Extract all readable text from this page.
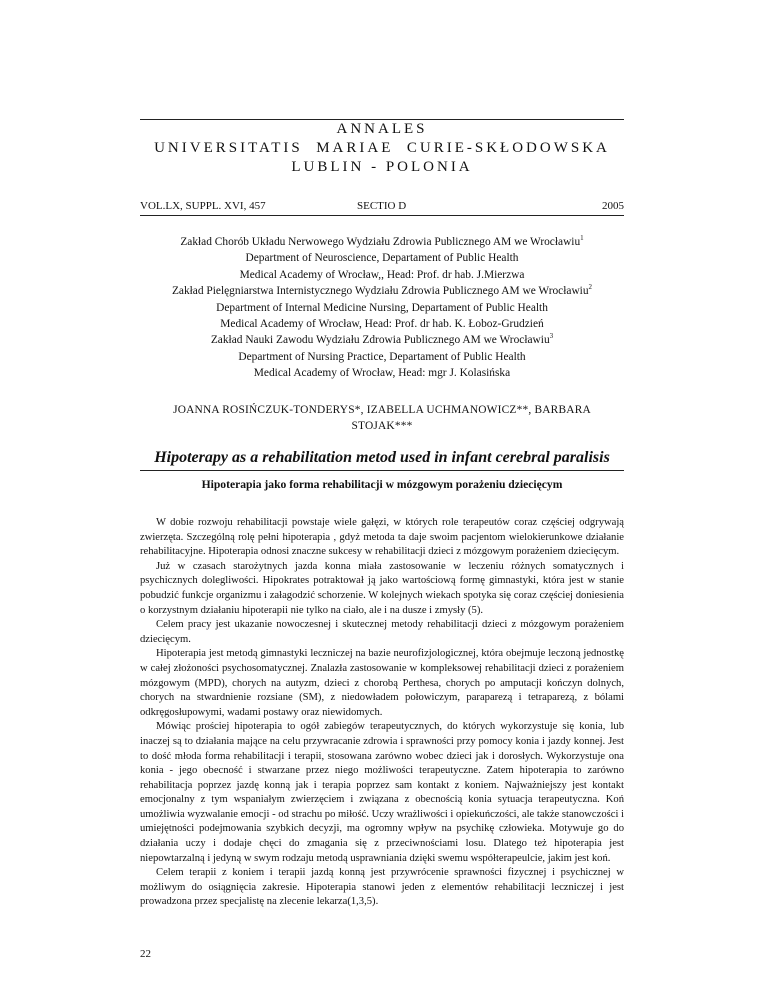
ANNALES
UNIVERSITATIS  MARIAE  CURIE-SKŁODOWSKA
LUBLIN - POLONIA
VOL.LX, SUPPL. XVI, 457	SECTIO D	2005
Zakład Chorób Układu Nerwowego Wydziału Zdrowia Publicznego AM we Wrocławiu$^1$
Department of Neuroscience, Departament of Public Health
Medical Academy of Wrocław,, Head: Prof. dr hab. J.Mierzwa
Zakład Pielęgniarstwa Internistycznego Wydziału Zdrowia Publicznego AM we Wrocławiu$^2$
Department of Internal Medicine Nursing, Departament of Public Health
Medical Academy of Wrocław, Head: Prof. dr hab. K. Łoboz-Grudzień
Zakład Nauki Zawodu Wydziału Zdrowia Publicznego AM we Wrocławiu$^3$
Department of Nursing Practice, Departament of Public Health
Medical Academy of Wrocław, Head: mgr J. Kolasińska
JOANNA ROSIŃCZUK-TONDERYS*, IZABELLA UCHMANOWICZ**, BARBARA
STOJAK***
Hipoterapy as a rehabilitation metod used in infant cerebral paralisis
Hipoterapia jako forma rehabilitacji w mózgowym porażeniu dziecięcym

W dobie rozwoju rehabilitacji powstaje wiele gałęzi, w których role terapeutów coraz częściej odgrywają zwierzęta. Szczególną rolę pełni hipoterapia , gdyż metoda ta daje swoim pacjentom wielokierunkowe działanie rehabilitacyjne. Hipoterapia odnosi znaczne sukcesy w rehabilitacji dzieci z mózgowym porażeniem dziecięcym.

Już w czasach starożytnych jazda konna miała zastosowanie w leczeniu różnych somatycznych i psychicznych dolegliwości. Hipokrates potraktował ją jako wartościową formę gimnastyki, która jest w stanie pobudzić funkcje organizmu i załagodzić schorzenie. W kolejnych wiekach spotyka się coraz częściej doniesienia o korzystnym działaniu hipoterapii nie tylko na ciało, ale i na dusze i zmysły (5).

Celem pracy jest ukazanie nowoczesnej i skutecznej metody rehabilitacji dzieci z mózgowym porażeniem dziecięcym.

Hipoterapia jest metodą gimnastyki leczniczej na bazie neurofizjologicznej, która obejmuje leczoną jednostkę w całej złożoności psychosomatycznej. Znalazła zastosowanie w kompleksowej rehabilitacji dzieci z porażeniem mózgowym (MPD), chorych na autyzm, dzieci z chorobą Perthesa, chorych po amputacji kończyn dolnych, chorych na stwardnienie rozsiane (SM), z niedowładem połowiczym, paraparezą i tetraparezą, z bólami odkręgosłupowymi, wadami postawy oraz niewidomych.

Mówiąc prościej hipoterapia to ogół zabiegów terapeutycznych, do których wykorzystuje się konia, lub inaczej są to działania mające na celu przywracanie zdrowia i sprawności przy pomocy konia i jazdy konnej. Jest to dość młoda forma rehabilitacji i terapii, stosowana zarówno wobec dzieci jak i dorosłych. Wykorzystuje ona konia - jego obecność i stwarzane przez niego możliwości terapeutyczne. Zatem hipoterapia to zarówno rehabilitacja poprzez jazdę konną jak i terapia poprzez sam kontakt z koniem. Najważniejszy jest kontakt emocjonalny z tym wspaniałym zwierzęciem i związana z obecnością konia sytuacja terapeutyczna. Koń umożliwia wyzwalanie emocji - od strachu po miłość. Uczy wrażliwości i opiekuńczości, ale także stanowczości i umiejętności podejmowania szybkich decyzji, ma ogromny wpływ na psychikę człowieka. Motywuje go do działania uczy i dodaje chęci do zmagania się z przeciwnościami losu. Dlatego też hipoterapia jest niepowtarzalną i jedyną w swym rodzaju metodą usprawniania dzięki swemu współterapeulcie, jakim jest koń.

Celem terapii z koniem i terapii jazdą konną jest przywrócenie sprawności fizycznej i psychicznej w możliwym do osiągnięcia zakresie. Hipoterapia stanowi jeden z elementów rehabilitacji leczniczej i jest prowadzona przez specjalistę na zlecenie lekarza(1,3,5).

22
